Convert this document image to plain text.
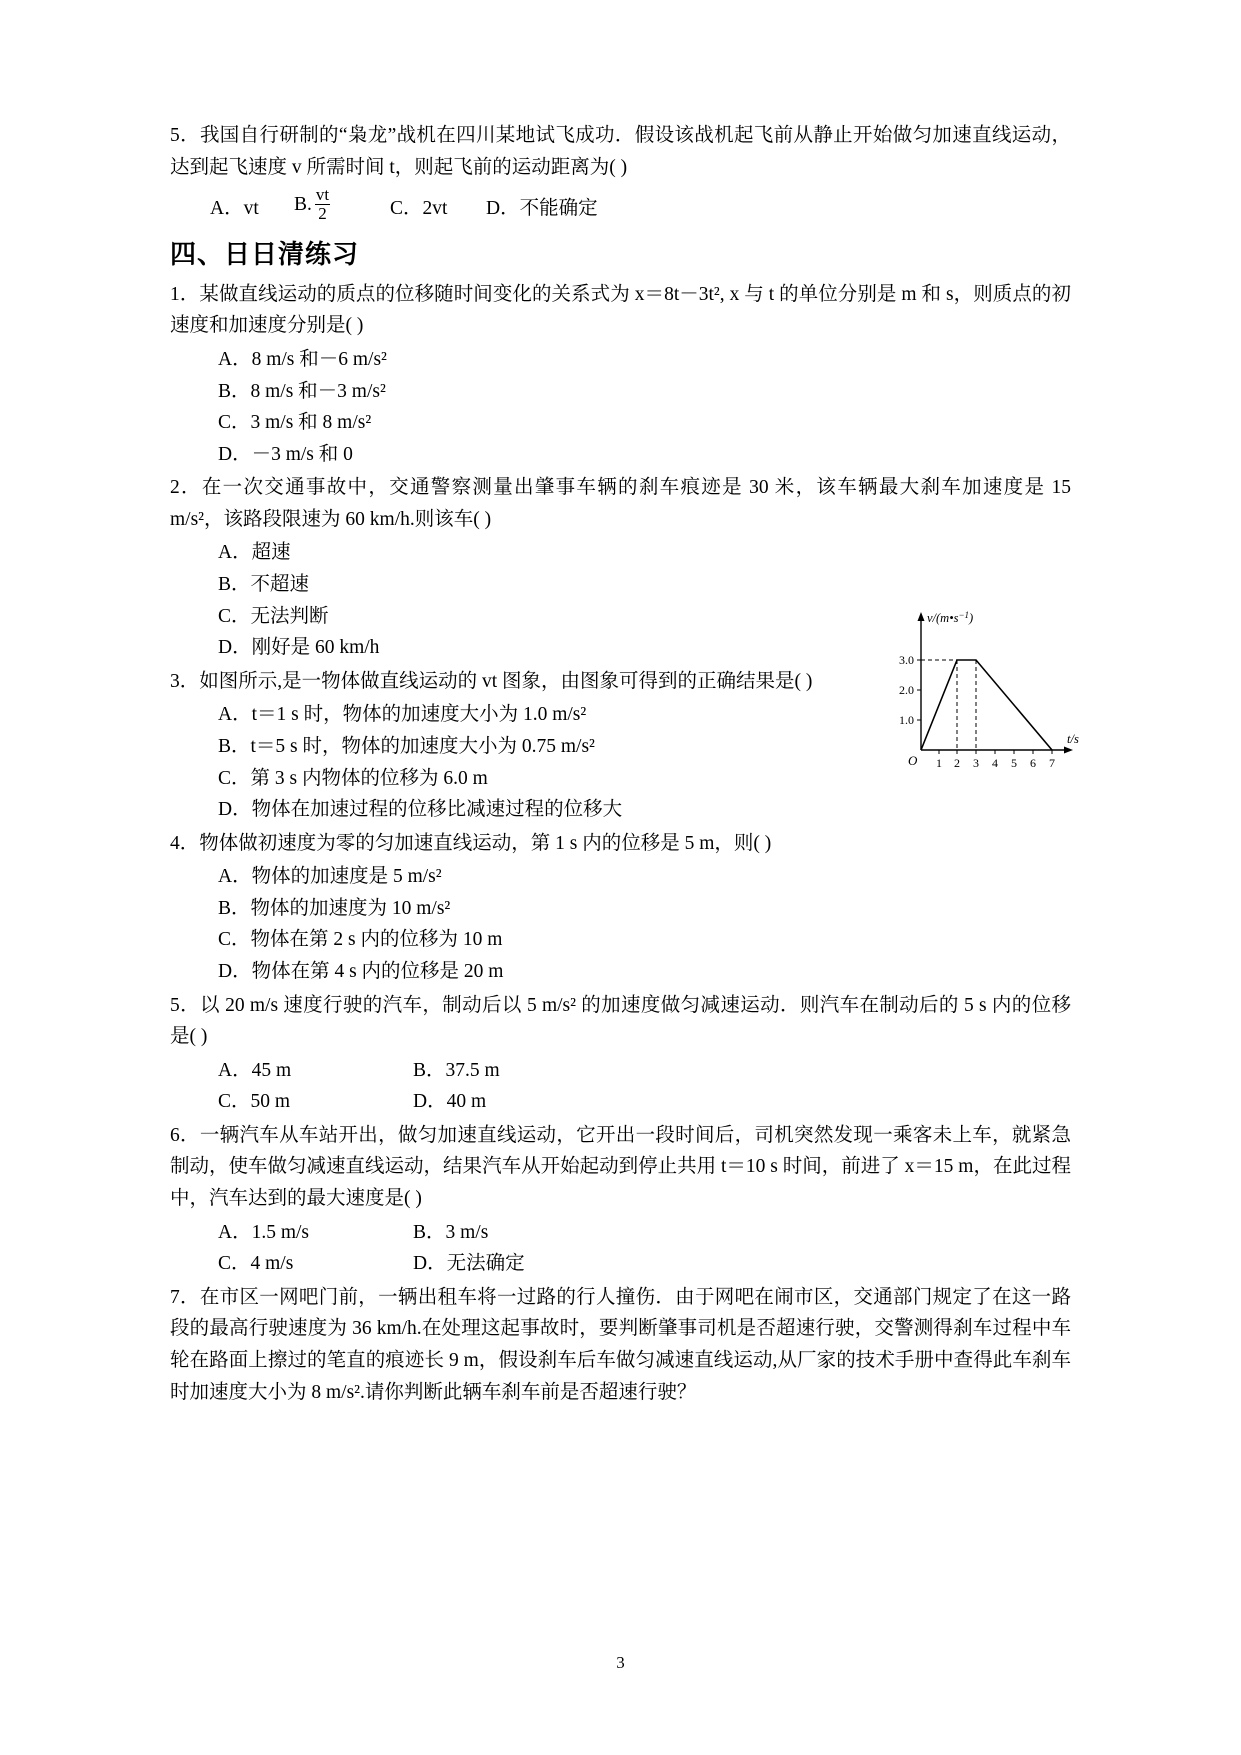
5．我国自行研制的“枭龙”战机在四川某地试飞成功．假设该战机起飞前从静止开始做匀加速直线运动，达到起飞速度 v 所需时间 t，则起飞前的运动距离为( )

A．vt	B. $\frac{vt}{2}$	C．2vt	D．不能确定
四、日日清练习

1．某做直线运动的质点的位移随时间变化的关系式为 x＝8t－3t², x 与 t 的单位分别是 m 和 s，则质点的初速度和加速度分别是( )

A．8 m/s 和－6 m/s²

B．8 m/s 和－3 m/s²

C．3 m/s 和 8 m/s²

D．－3 m/s 和 0

2．在一次交通事故中，交通警察测量出肇事车辆的刹车痕迹是 30 米，该车辆最大刹车加速度是 15 m/s²，该路段限速为 60 km/h.则该车( )

A．超速

B．不超速

C．无法判断

D．刚好是 60 km/h

3．如图所示,是一物体做直线运动的 vt 图象，由图象可得到的正确结果是( )

A．t＝1 s 时，物体的加速度大小为 1.0 m/s²

B．t＝5 s 时，物体的加速度大小为 0.75 m/s²

C．第 3 s 内物体的位移为 6.0 m

D．物体在加速过程的位移比减速过程的位移大

4．物体做初速度为零的匀加速直线运动，第 1 s 内的位移是 5 m，则( )

A．物体的加速度是 5 m/s²

B．物体的加速度为 10 m/s²

C．物体在第 2 s 内的位移为 10 m

D．物体在第 4 s 内的位移是 20 m

5．以 20 m/s 速度行驶的汽车，制动后以 5 m/s² 的加速度做匀减速运动．则汽车在制动后的 5 s 内的位移是( )

A．45 m	B．37.5 m
C．50 m	D．40 m

6．一辆汽车从车站开出，做匀加速直线运动，它开出一段时间后，司机突然发现一乘客未上车，就紧急制动，使车做匀减速直线运动，结果汽车从开始起动到停止共用 t＝10 s 时间，前进了 x＝15 m，在此过程中，汽车达到的最大速度是( )

A．1.5 m/s	B．3 m/s
C．4 m/s	D．无法确定

7．在市区一网吧门前，一辆出租车将一过路的行人撞伤．由于网吧在闹市区，交通部门规定了在这一路段的最高行驶速度为 36 km/h.在处理这起事故时，要判断肇事司机是否超速行驶，交警测得刹车过程中车轮在路面上擦过的笔直的痕迹长 9 m，假设刹车后车做匀减速直线运动,从厂家的技术手册中查得此车刹车时加速度大小为 8 m/s².请你判断此辆车刹车前是否超速行驶？

1.0
2.0
3.0
1 2 3 4 5 6 7
$v/(m•s^{-1})$
t/s
O
3
